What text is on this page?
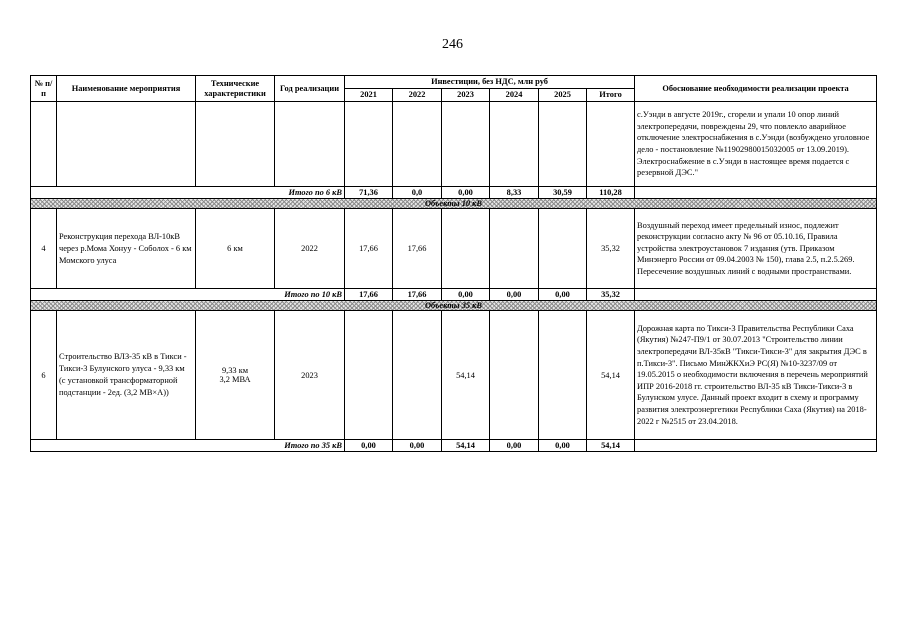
246
№ п/п	Наименование мероприятия	Технические характеристики	Год реализации	Инвестиции, без НДС, млн руб						Обоснование необходимости реализации проекта
				2021	2022	2023	2024	2025	Итого	
										с.Уэнди в августе 2019г., сгорели и упали 10 опор линий электропередачи, повреждены 29, что повлекло аварийное отключение электроснабжения в с.Уэнди (возбуждено уголовное дело - постановление №11902980015032005 от 13.09.2019). Электроснабжение в с.Уэнди в настоящее время подается с резервной ДЭС."
Итого по 6 кВ				71,36	0,0	0,00	8,33	30,59	110,28	
Объекты 10 кВ										
4	Реконструкция перехода ВЛ-10кВ через р.Мома Хонуу - Соболох - 6 км Момского улуса	6 км	2022	17,66	17,66				35,32	Воздушный переход имеет предельный износ, подлежит реконструкции согласно акту № 96 от 05.10.16, Правила устройства электроустановок 7 издания (утв. Приказом Минэнерго России от 09.04.2003 № 150), глава 2.5, п.2.5.269. Пересечение воздушных линий с водными пространствами.
Итого по 10 кВ				17,66	17,66	0,00	0,00	0,00	35,32	
Объекты 35 кВ										
6	Строительство ВЛЗ-35 кВ в Тикси - Тикси-3 Булунского улуса - 9,33 км (с установкой трансформаторной подстанции - 2ед. (3,2 МВ×А))	9,33 км
3,2 МВА	2023			54,14			54,14	Дорожная карта по Тикси-3 Правительства Республики Саха (Якутия) №247-П9/1 от 30.07.2013 "Строительство линии электропередачи ВЛ-35кВ "Тикси-Тикси-3" для закрытия ДЭС в п.Тикси-3". Письмо МинЖКХиЭ РС(Я) №10-3237/09 от 19.05.2015 о необходимости включения в перечень мероприятий ИПР 2016-2018 гг. строительство ВЛ-35 кВ Тикси-Тикси-3 в Булунском улусе. Данный проект входит в схему и программу развития электроэнергетики Республики Саха (Якутия) на 2018-2022 г №2515 от 23.04.2018.
Итого по 35 кВ				0,00	0,00	54,14	0,00	0,00	54,14	
